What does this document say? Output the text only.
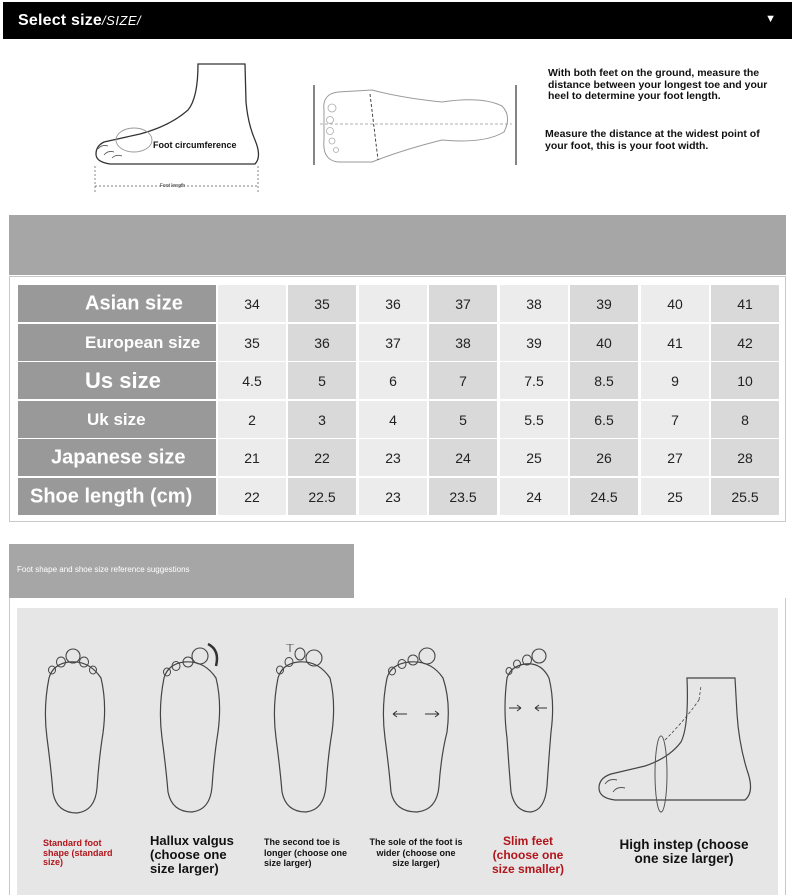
Select size/SIZE/	▼
Foot circumference
Foot length
With both feet on the ground, measure the distance between your longest toe and your heel to determine your foot length.
Measure the distance at the widest point of your foot, this is your foot width.
Asian size	34	35	36	37	38	39	40	41
European size	35	36	37	38	39	40	41	42
Us size	4.5	5	6	7	7.5	8.5	9	10
Uk size	2	3	4	5	5.5	6.5	7	8
Japanese size	21	22	23	24	25	26	27	28
Shoe length (cm)	22	22.5	23	23.5	24	24.5	25	25.5
Foot shape and shoe size reference suggestions
Standard foot shape (standard size)
Hallux valgus (choose one size larger)
The second toe is longer (choose one size larger)
The sole of the foot is wider (choose one size larger)
Slim feet (choose one size smaller)
High instep (choose one size larger)
